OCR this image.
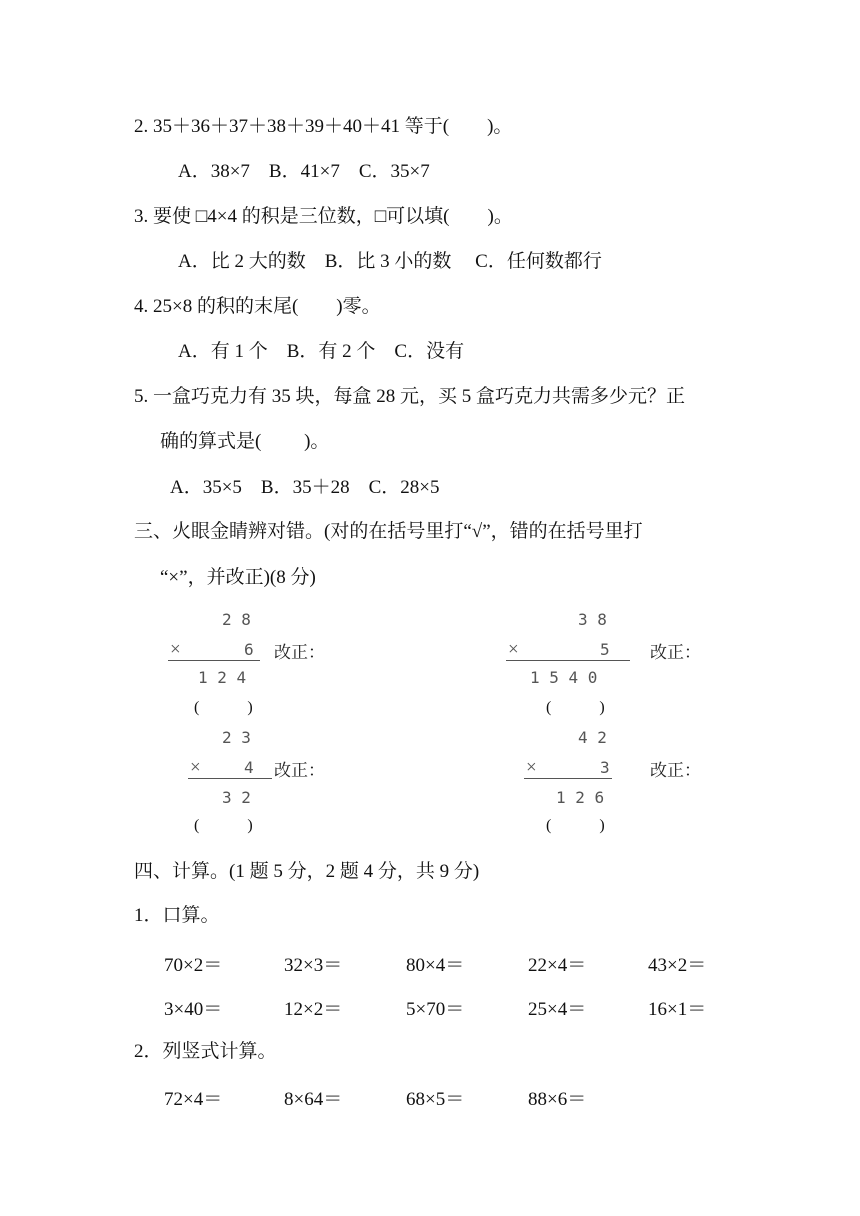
2. 35＋36＋37＋38＋39＋40＋41 等于(　　)。
A．38×7　B．41×7　C．35×7
3. 要使 □4×4 的积是三位数，□可以填(　　)。
A．比 2 大的数　B．比 3 小的数　 C．任何数都行
4. 25×8 的积的末尾(　　)零。
A．有 1 个　B．有 2 个　C．没有
5. 一盒巧克力有 35 块，每盒 28 元，买 5 盒巧克力共需多少元？正
确的算式是(　　 )。
A．35×5　B．35＋28　C．28×5
三、火眼金睛辨对错。(对的在括号里打“√”，错的在括号里打
“×”，并改正)(8 分)
2 8
×	6
1 2 4
(　　　)
改正：
3 8
×	5
1 5 4 0
(　　　)
改正：
2 3
×	4
3 2
(　　　)
改正：
4 2
×	3
1 2 6
(　　　)
改正：
四、计算。(1 题 5 分，2 题 4 分，共 9 分)
1．口算。
70×2＝	32×3＝	80×4＝	22×4＝	43×2＝
3×40＝	12×2＝	5×70＝	25×4＝	16×1＝
2．列竖式计算。
72×4＝	8×64＝	68×5＝	88×6＝
